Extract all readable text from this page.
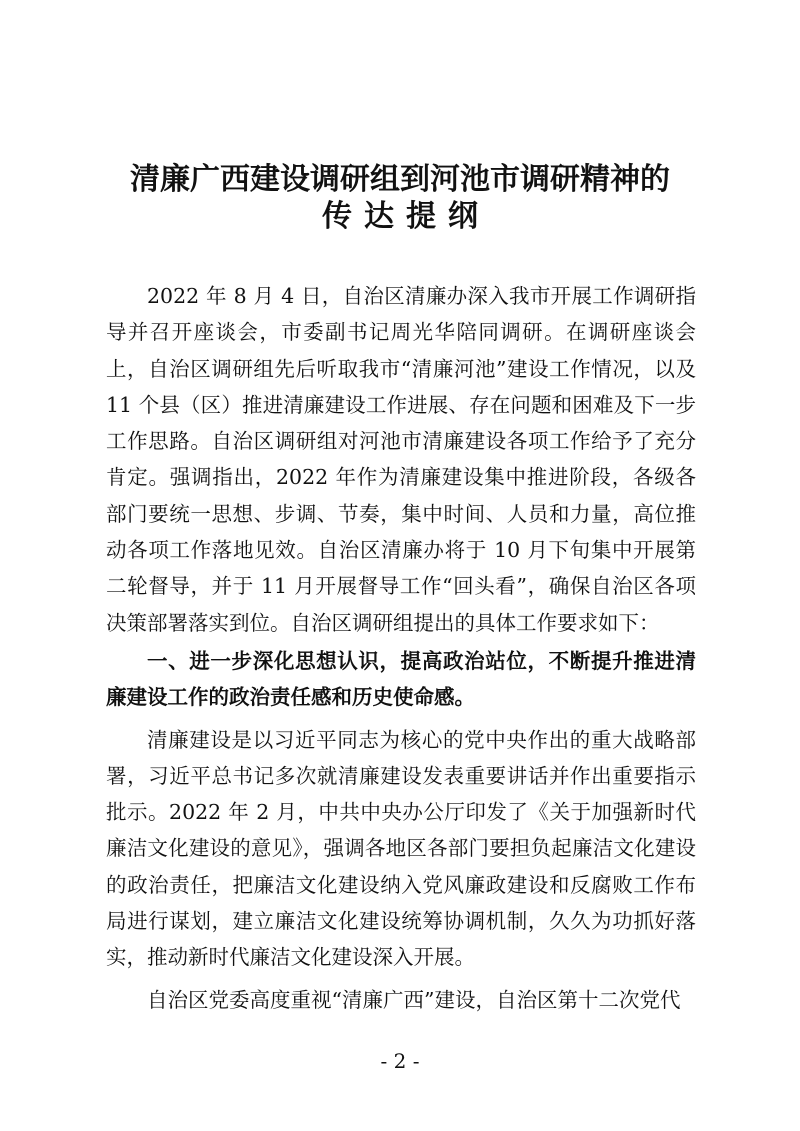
清廉广西建设调研组到河池市调研精神的
传达提纲

2022 年 8 月 4 日，自治区清廉办深入我市开展工作调研指导并召开座谈会，市委副书记周光华陪同调研。在调研座谈会上，自治区调研组先后听取我市“清廉河池”建设工作情况，以及 11 个县（区）推进清廉建设工作进展、存在问题和困难及下一步工作思路。自治区调研组对河池市清廉建设各项工作给予了充分肯定。强调指出，2022 年作为清廉建设集中推进阶段，各级各部门要统一思想、步调、节奏，集中时间、人员和力量，高位推动各项工作落地见效。自治区清廉办将于 10 月下旬集中开展第二轮督导，并于 11 月开展督导工作“回头看”，确保自治区各项决策部署落实到位。自治区调研组提出的具体工作要求如下：

一、进一步深化思想认识，提高政治站位，不断提升推进清廉建设工作的政治责任感和历史使命感。

清廉建设是以习近平同志为核心的党中央作出的重大战略部署，习近平总书记多次就清廉建设发表重要讲话并作出重要指示批示。2022 年 2 月，中共中央办公厅印发了《关于加强新时代廉洁文化建设的意见》，强调各地区各部门要担负起廉洁文化建设的政治责任，把廉洁文化建设纳入党风廉政建设和反腐败工作布局进行谋划，建立廉洁文化建设统筹协调机制，久久为功抓好落实，推动新时代廉洁文化建设深入开展。

自治区党委高度重视“清廉广西”建设，自治区第十二次党代

- 2 -
